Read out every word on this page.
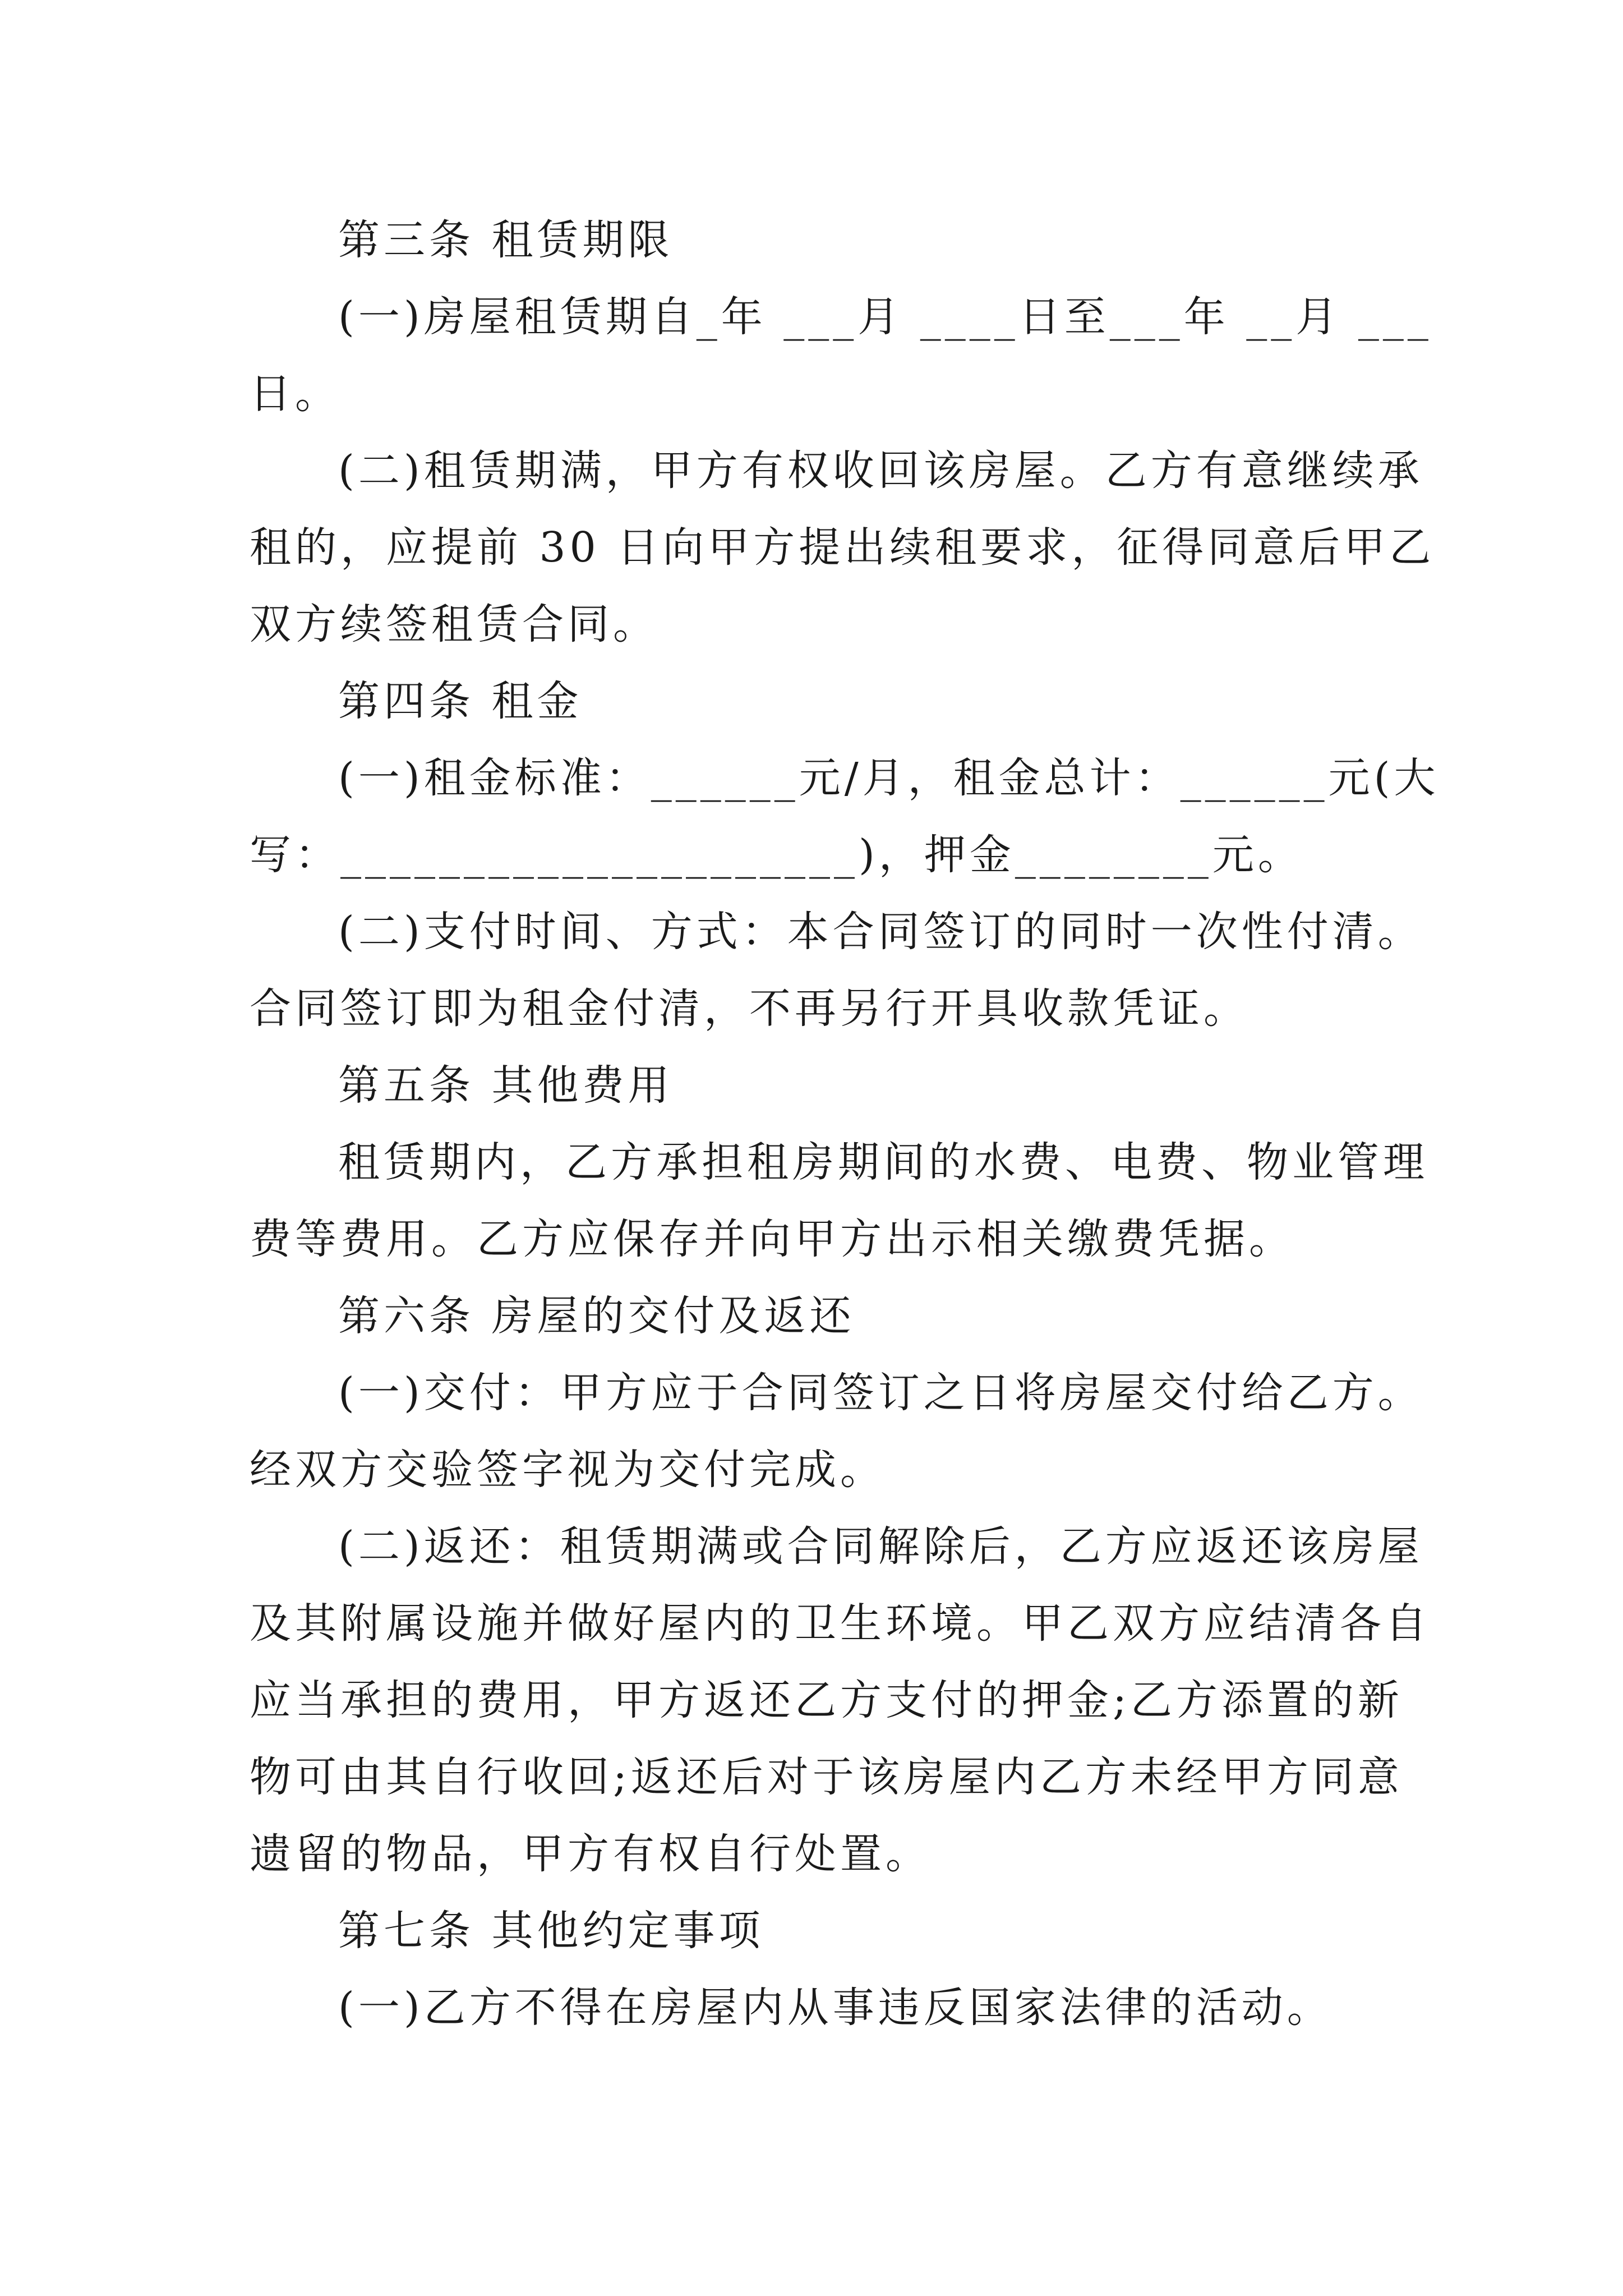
第三条 租赁期限
(一)房屋租赁期自_年 ___月 ____日至___年 __月 ___
日。
(二)租赁期满，甲方有权收回该房屋。乙方有意继续承
租的，应提前 30 日向甲方提出续租要求，征得同意后甲乙
双方续签租赁合同。
第四条 租金
(一)租金标准：______元/月，租金总计：______元(大
写：_____________________)，押金________元。
(二)支付时间、方式：本合同签订的同时一次性付清。
合同签订即为租金付清，不再另行开具收款凭证。
第五条 其他费用
租赁期内，乙方承担租房期间的水费、电费、物业管理
费等费用。乙方应保存并向甲方出示相关缴费凭据。
第六条 房屋的交付及返还
(一)交付：甲方应于合同签订之日将房屋交付给乙方。
经双方交验签字视为交付完成。
(二)返还：租赁期满或合同解除后，乙方应返还该房屋
及其附属设施并做好屋内的卫生环境。甲乙双方应结清各自
应当承担的费用，甲方返还乙方支付的押金;乙方添置的新
物可由其自行收回;返还后对于该房屋内乙方未经甲方同意
遗留的物品，甲方有权自行处置。
第七条 其他约定事项
(一)乙方不得在房屋内从事违反国家法律的活动。
